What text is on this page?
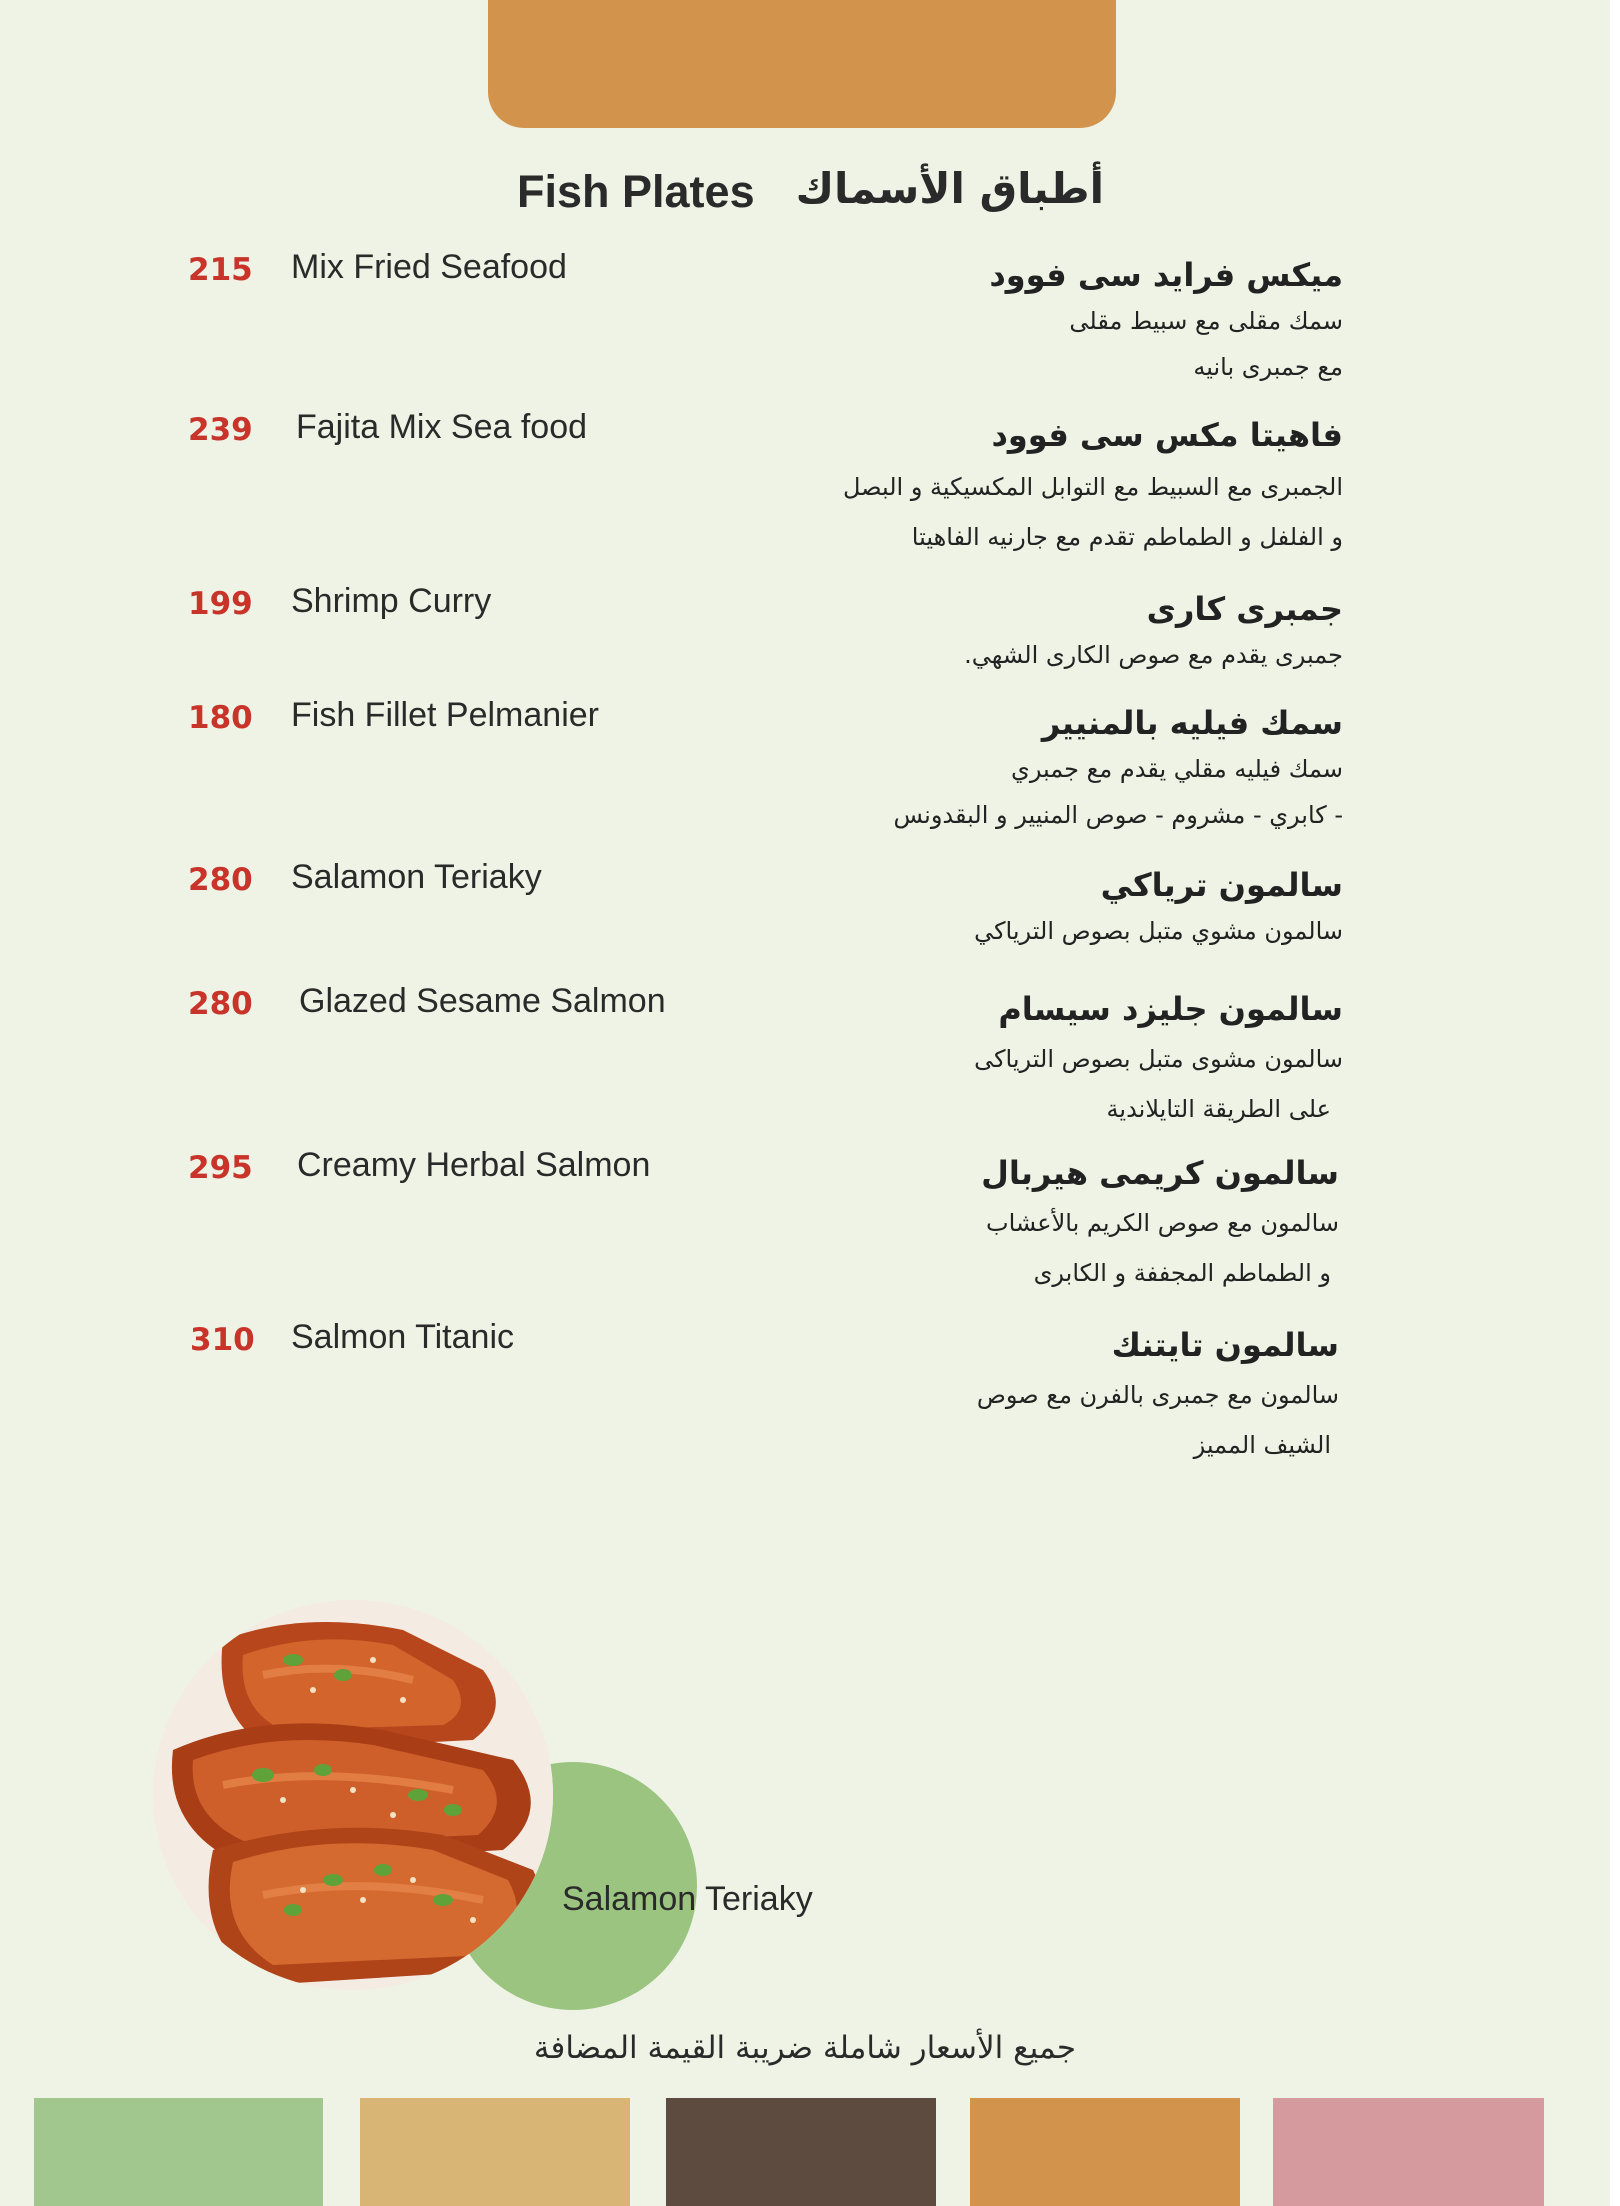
Fish Plates أطباق الأسماك
215 Mix Fried Seafood	ميكس فرايد سى فوود
سمك مقلى مع سبيط مقلى
مع جمبرى بانيه
239 Fajita Mix Sea food	فاهيتا مكس سى فوود
الجمبرى مع السبيط مع التوابل المكسيكية و البصل
و الفلفل و الطماطم تقدم مع جارنيه الفاهيتا
199 Shrimp Curry	جمبرى كارى
جمبرى يقدم مع صوص الكارى الشهي.
180 Fish Fillet Pelmanier	سمك فيليه بالمنيير
سمك فيليه مقلي يقدم مع جمبري
- كابري - مشروم - صوص المنيير و البقدونس
280 Salamon Teriaky	سالمون ترياكي
سالمون مشوي متبل بصوص الترياكي
280 Glazed Sesame Salmon	سالمون جليزد سيسام
سالمون مشوى متبل بصوص الترياكى
على الطريقة التايلاندية
295 Creamy Herbal Salmon	سالمون كريمى هيربال
سالمون مع صوص الكريم بالأعشاب
و الطماطم المجففة و الكابرى
310 Salmon Titanic	سالمون تايتنك
سالمون مع جمبرى بالفرن مع صوص
الشيف المميز
Salamon Teriaky
جميع الأسعار شاملة ضريبة القيمة المضافة
